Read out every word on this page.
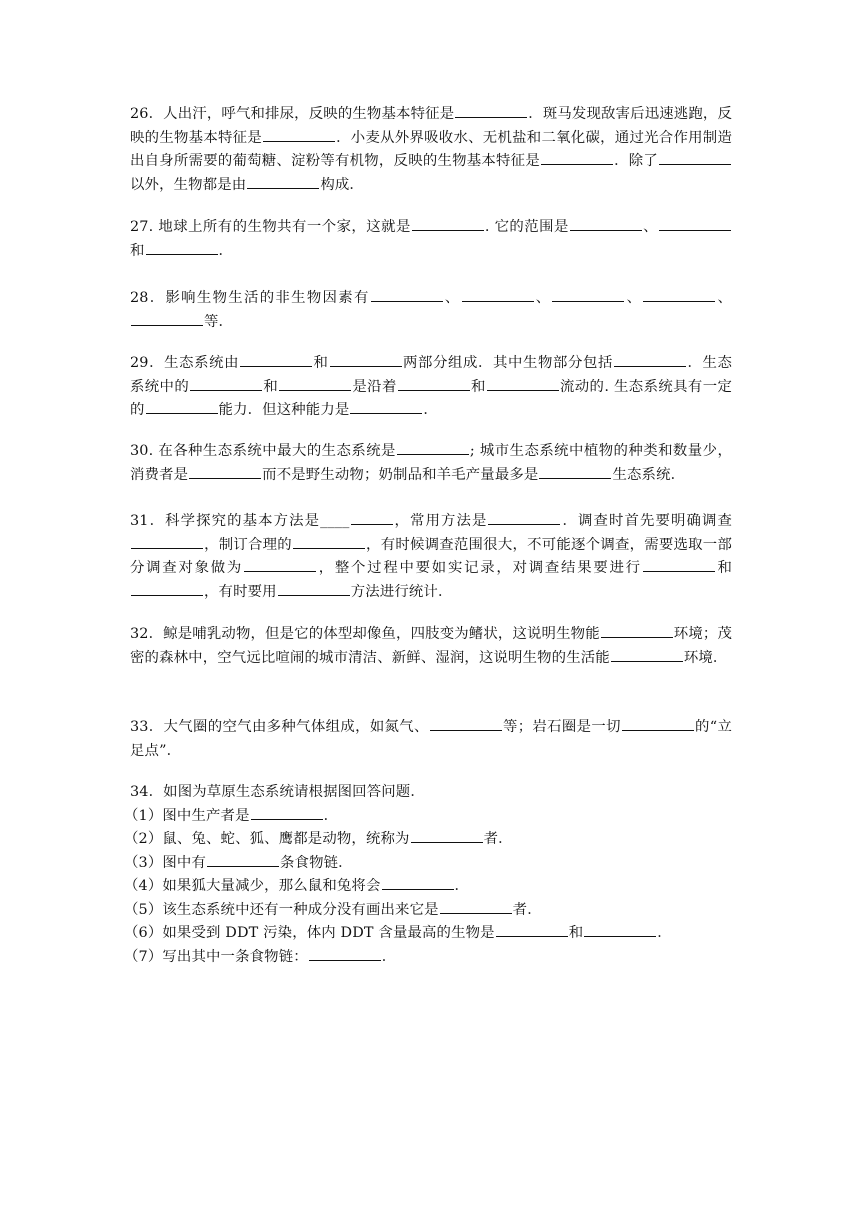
26．人出汗，呼气和排尿，反映的生物基本特征是	．斑马发现敌害后迅速逃跑，反映的生物基本特征是	．小麦从外界吸收水、无机盐和二氧化碳，通过光合作用制造出自身所需要的葡萄糖、淀粉等有机物，反映的生物基本特征是	．除了以外，生物都是由	构成．

27. 地球上所有的生物共有一个家，这就是	. 它的范围是	、和	．

28．影响生物生活的非生物因素有	、	、	、	、等．

29．生态系统由	和	两部分组成．其中生物部分包括	．生态系统中的	和	是沿着	和	流动的. 生态系统具有一定的	能力．但这种能力是	．

30. 在各种生态系统中最大的生态系统是	; 城市生态系统中植物的种类和数量少，消费者是	而不是野生动物；奶制品和羊毛产量最多是	生态系统．

31．科学探究的基本方法是____	，常用方法是	．调查时首先要明确调查，制订合理的	，有时候调查范围很大，不可能逐个调查，需要选取一部分调查对象做为	，整个过程中要如实记录，对调查结果要进行	和，有时要用	方法进行统计．

32．鲸是哺乳动物，但是它的体型却像鱼，四肢变为鳍状，这说明生物能	环境；茂密的森林中，空气远比喧闹的城市清洁、新鲜、湿润，这说明生物的生活能	环境．

33．大气圈的空气由多种气体组成，如氮气、	等；岩石圈是一切	的“立足点”．

34．如图为草原生态系统请根据图回答问题．

（1）图中生产者是	．

（2）鼠、兔、蛇、狐、鹰都是动物，统称为	者．

（3）图中有	条食物链．

（4）如果狐大量减少，那么鼠和兔将会	．

（5）该生态系统中还有一种成分没有画出来它是	者．

（6）如果受到 DDT 污染，体内 DDT 含量最高的生物是	和	．

（7）写出其中一条食物链：	．
